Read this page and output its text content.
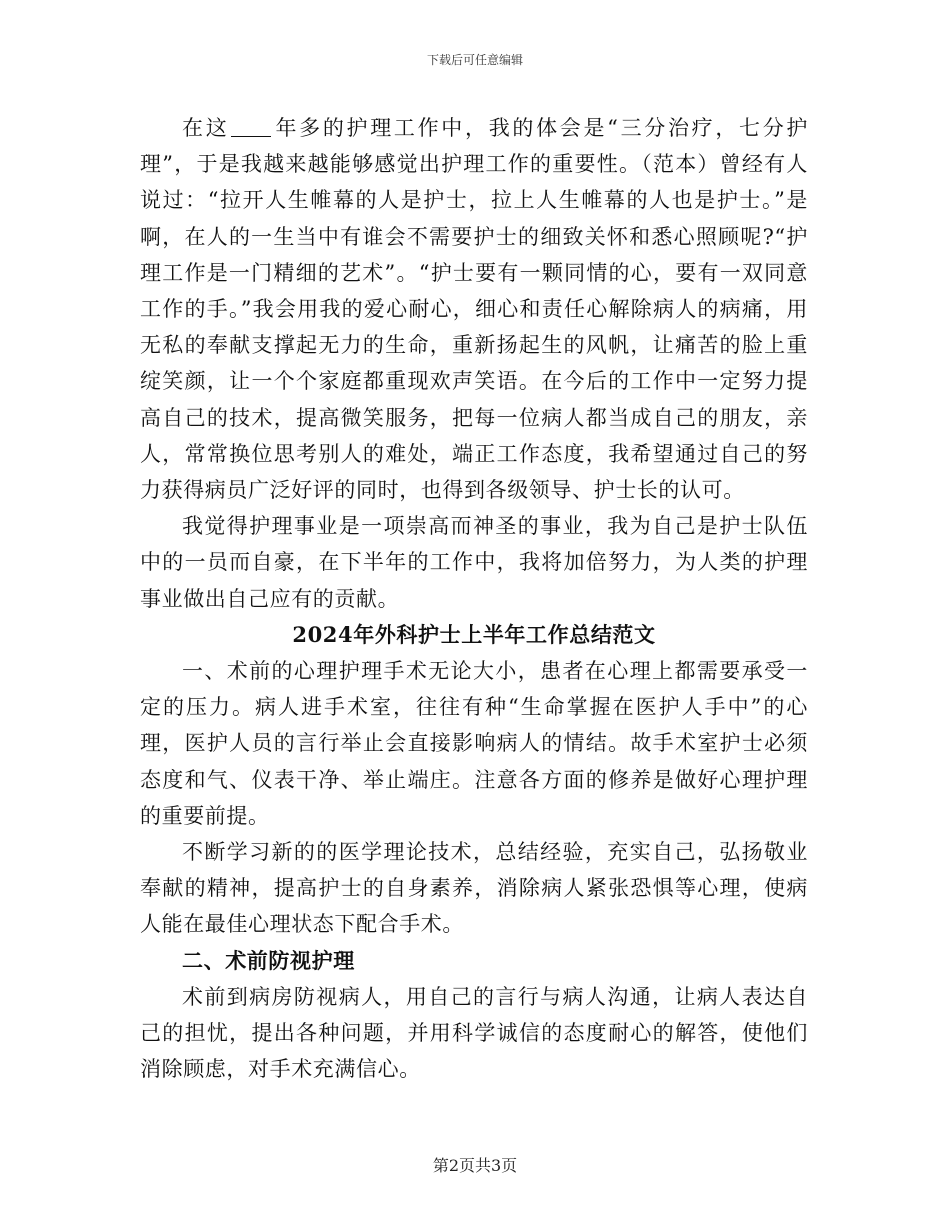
下载后可任意编辑

在这 年多的护理工作中，我的体会是“三分治疗，七分护理”，于是我越来越能够感觉出护理工作的重要性。（范本）曾经有人说过：“拉开人生帷幕的人是护士，拉上人生帷幕的人也是护士。”是啊，在人的一生当中有谁会不需要护士的细致关怀和悉心照顾呢?“护理工作是一门精细的艺术”。“护士要有一颗同情的心，要有一双同意工作的手。”我会用我的爱心耐心，细心和责任心解除病人的病痛，用无私的奉献支撑起无力的生命，重新扬起生的风帆，让痛苦的脸上重绽笑颜，让一个个家庭都重现欢声笑语。在今后的工作中一定努力提高自己的技术，提高微笑服务，把每一位病人都当成自己的朋友，亲人，常常换位思考别人的难处，端正工作态度，我希望通过自己的努力获得病员广泛好评的同时，也得到各级领导、护士长的认可。

我觉得护理事业是一项崇高而神圣的事业，我为自己是护士队伍中的一员而自豪，在下半年的工作中，我将加倍努力，为人类的护理事业做出自己应有的贡献。

2024年外科护士上半年工作总结范文

一、术前的心理护理手术无论大小，患者在心理上都需要承受一定的压力。病人进手术室，往往有种“生命掌握在医护人手中”的心理，医护人员的言行举止会直接影响病人的情结。故手术室护士必须态度和气、仪表干净、举止端庄。注意各方面的修养是做好心理护理的重要前提。

不断学习新的的医学理论技术，总结经验，充实自己，弘扬敬业奉献的精神，提高护士的自身素养，消除病人紧张恐惧等心理，使病人能在最佳心理状态下配合手术。

二、术前防视护理

术前到病房防视病人，用自己的言行与病人沟通，让病人表达自己的担忧，提出各种问题，并用科学诚信的态度耐心的解答，使他们消除顾虑，对手术充满信心。

第2页共3页
